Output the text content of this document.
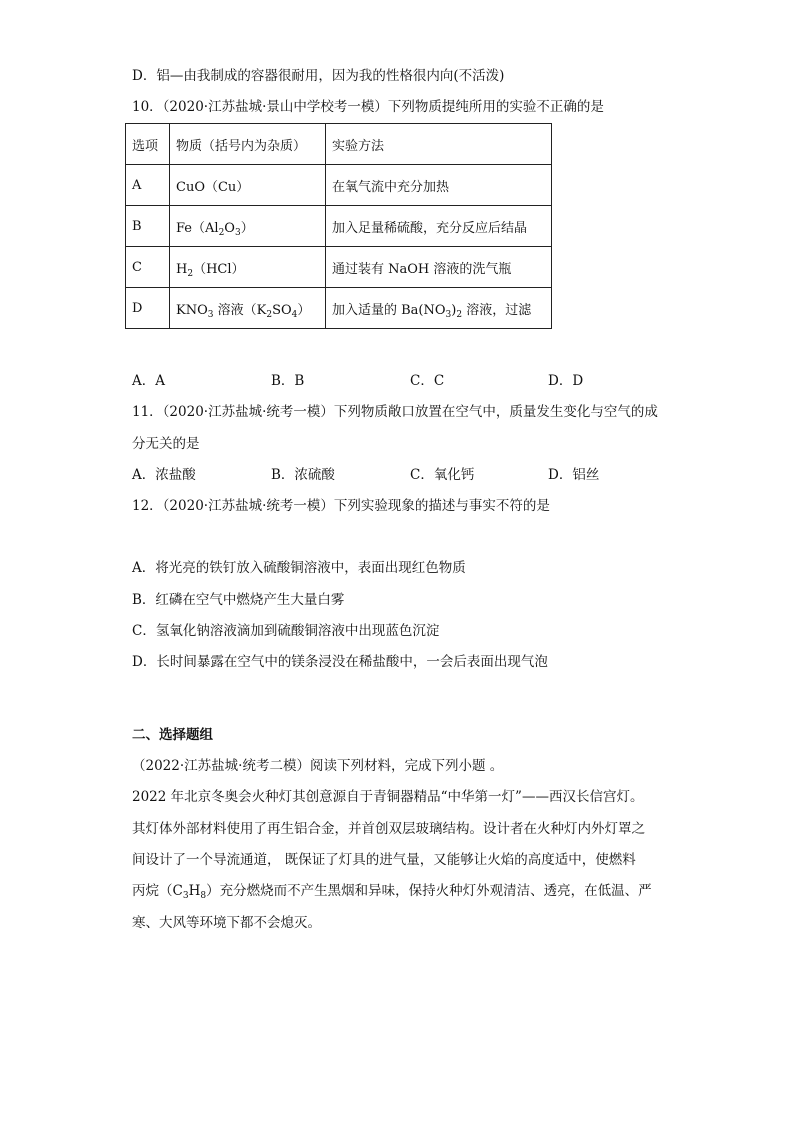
D．铝—由我制成的容器很耐用，因为我的性格很内向(不活泼)
10．（2020·江苏盐城·景山中学校考一模）下列物质提纯所用的实验不正确的是
选项	物质（括号内为杂质）	实验方法
A	CuO（Cu）	在氧气流中充分加热
B	$Fe(Al_2O_3)$	加入足量稀硫酸，充分反应后结晶
C	$H_2(HCl)$	通过装有 NaOH 溶液的洗气瓶
D	$KNO_3$ 溶液$(K_2SO_4)$	加入适量的 $Ba(NO_3)_2$ 溶液，过滤
A．A	B．B	C．C	D．D
11．（2020·江苏盐城·统考一模）下列物质敞口放置在空气中，质量发生变化与空气的成
分无关的是
A．浓盐酸	B．浓硫酸	C．氧化钙	D．铝丝
12．（2020·江苏盐城·统考一模）下列实验现象的描述与事实不符的是
A．将光亮的铁钉放入硫酸铜溶液中，表面出现红色物质
B．红磷在空气中燃烧产生大量白雾
C．氢氧化钠溶液滴加到硫酸铜溶液中出现蓝色沉淀
D．长时间暴露在空气中的镁条浸没在稀盐酸中，一会后表面出现气泡
二、选择题组
（2022·江苏盐城·统考二模）阅读下列材料，完成下列小题 。
2022 年北京冬奥会火种灯其创意源自于青铜器精品“中华第一灯”——西汉长信宫灯。
其灯体外部材料使用了再生铝合金，并首创双层玻璃结构。设计者在火种灯内外灯罩之
间设计了一个导流通道， 既保证了灯具的进气量，又能够让火焰的高度适中，使燃料
丙烷$(C_3H_8)$充分燃烧而不产生黑烟和异味，保持火种灯外观清洁、透亮，在低温、严
寒、大风等环境下都不会熄灭。
